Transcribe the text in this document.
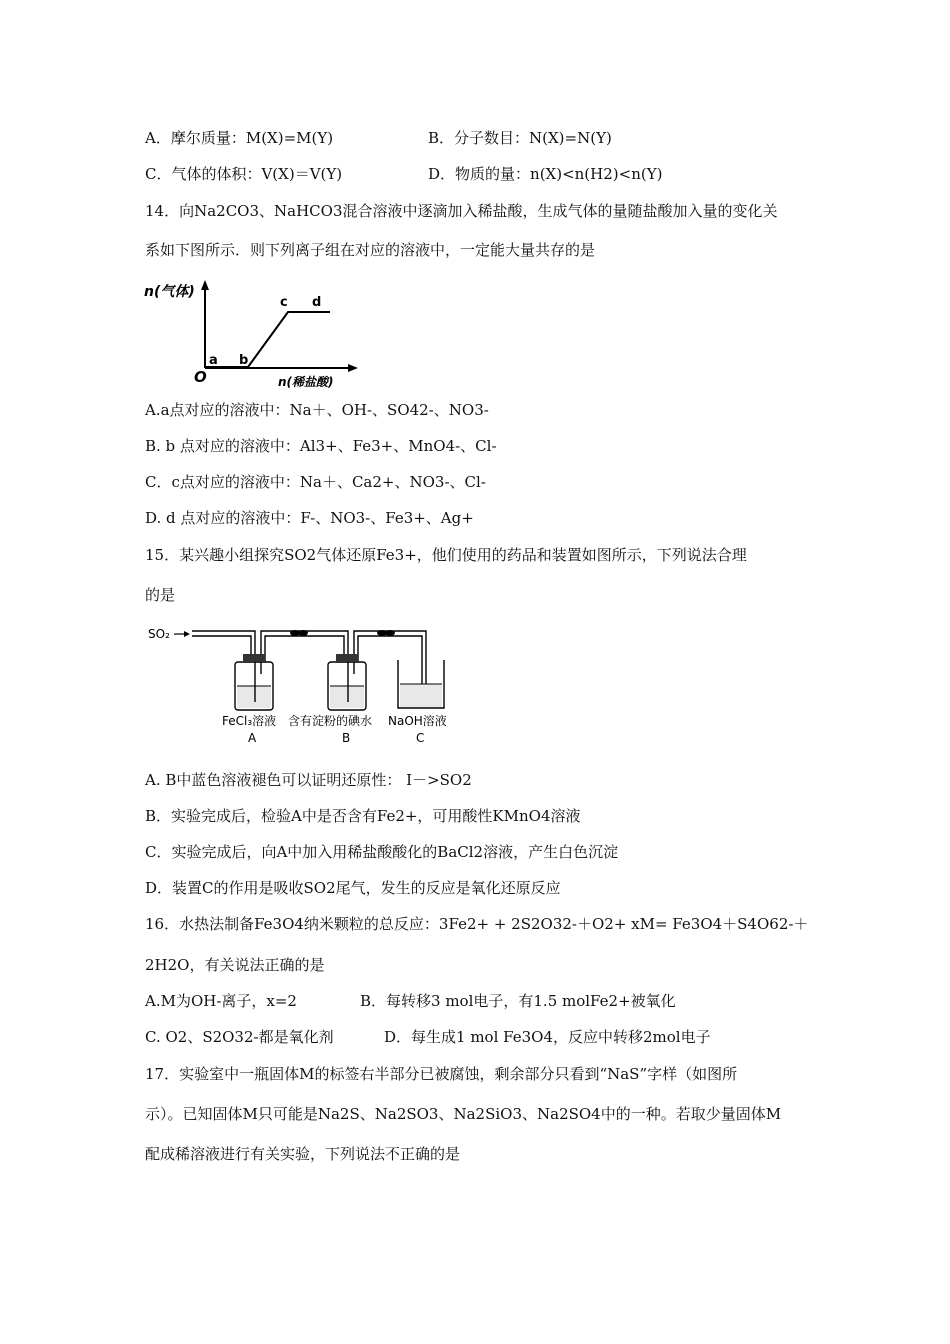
A．摩尔质量：M(X)=M(Y)	B．分子数目：N(X)=N(Y)
C．气体的体积：V(X)＝V(Y)	D．物质的量：n(X)<n(H2)<n(Y)
14．向Na2CO3、NaHCO3混合溶液中逐滴加入稀盐酸，生成气体的量随盐酸加入量的变化关
系如下图所示．则下列离子组在对应的溶液中，一定能大量共存的是
n(气体)
O
a b
c d
n(稀盐酸)
A.a点对应的溶液中：Na＋、OH-、SO42-、NO3-
B. b 点对应的溶液中：Al3+、Fe3+、MnO4-、Cl-
C．c点对应的溶液中：Na＋、Ca2+、NO3-、Cl-
D. d 点对应的溶液中：F-、NO3-、Fe3+、Ag+
15．某兴趣小组探究SO2气体还原Fe3+，他们使用的药品和装置如图所示，下列说法合理
的是
SO₂
FeCl₃溶液 含有淀粉的碘水 NaOH溶液
A	B	C
A. B中蓝色溶液褪色可以证明还原性： I－>SO2
B．实验完成后，检验A中是否含有Fe2+，可用酸性KMnO4溶液
C．实验完成后，向A中加入用稀盐酸酸化的BaCl2溶液，产生白色沉淀
D．装置C的作用是吸收SO2尾气，发生的反应是氧化还原反应
16．水热法制备Fe3O4纳米颗粒的总反应：3Fe2+ + 2S2O32-＋O2+ xM= Fe3O4＋S4O62-＋
2H2O，有关说法正确的是
A.M为OH-离子，x=2	B．每转移3 mol电子，有1.5 molFe2+被氧化
C. O2、S2O32-都是氧化剂	D．每生成1 mol Fe3O4，反应中转移2mol电子
17．实验室中一瓶固体M的标签右半部分已被腐蚀，剩余部分只看到“NaS”字样（如图所
示）。已知固体M只可能是Na2S、Na2SO3、Na2SiO3、Na2SO4中的一种。若取少量固体M
配成稀溶液进行有关实验，下列说法不正确的是
